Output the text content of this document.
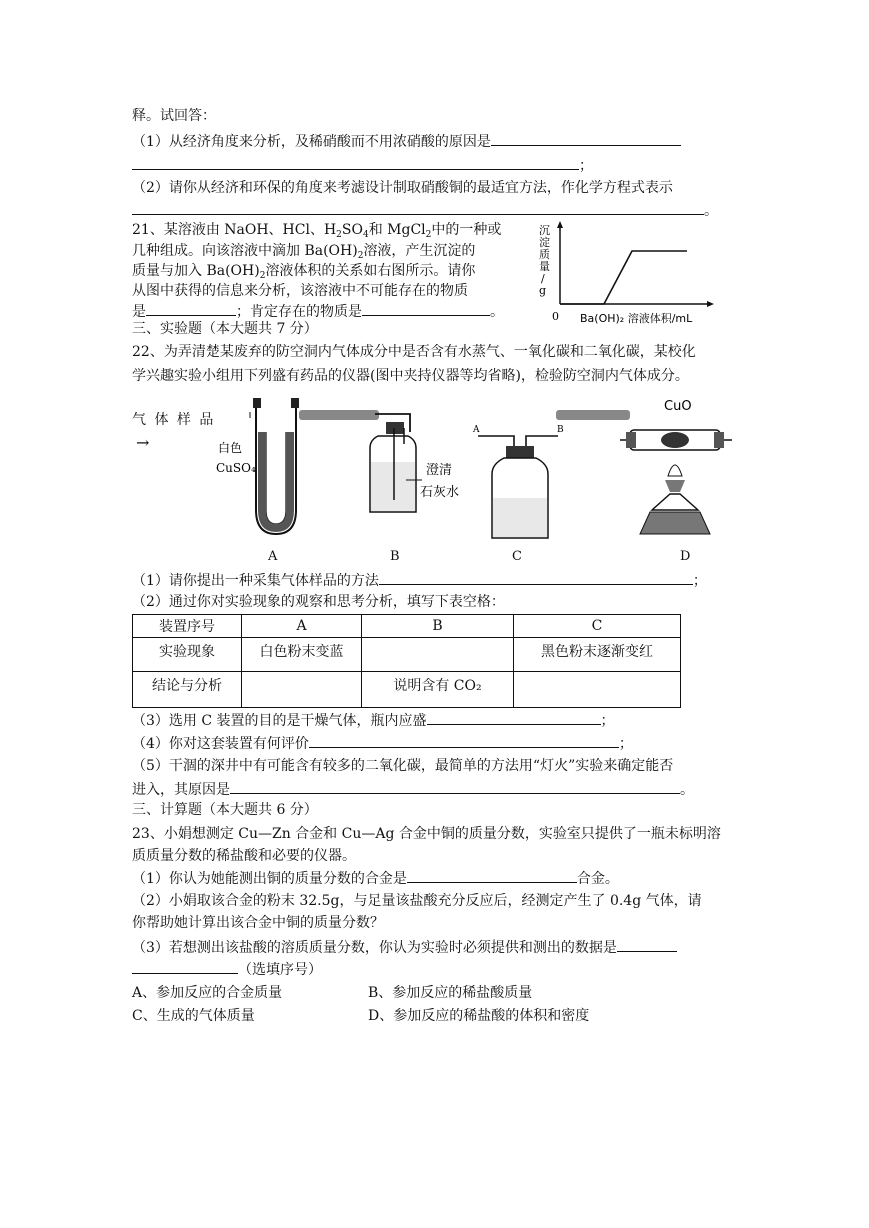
释。试回答：
（1）从经济角度来分析，及稀硝酸而不用浓硝酸的原因是
；
（2）请你从经济和环保的角度来考滤设计制取硝酸铜的最适宜方法，作化学方程式表示
。
21、某溶液由 NaOH、HCl、$H_2SO_4$和 MgCl$_2$中的一种或
几种组成。向该溶液中滴加 $Ba(OH)_2$溶液，产生沉淀的
质量与加入 $Ba(OH)_2$溶液体积的关系如右图所示。请你
从图中获得的信息来分析，该溶液中不可能存在的物质
是	；肯定存在的物质是	。
沉
淀
质
量
/
g
0 Ba(OH)₂ 溶液体积/mL
三、实验题（本大题共 7 分）
22、为弄清楚某废弃的防空洞内气体成分中是否含有水蒸气、一氧化碳和二氧化碳，某校化
学兴趣实验小组用下列盛有药品的仪器(图中夹持仪器等均省略)，检验防空洞内气体成分。
气 体 样 品
→	白色
CuSO₄	澄清
石灰水
A	B
CuO
A	B	C	D
（1）请你提出一种采集气体样品的方法	；
（2）通过你对实验现象的观察和思考分析，填写下表空格：
装置序号	A	B	C
实验现象	白色粉末变蓝		黑色粉末逐渐变红
结论与分析		说明含有 CO₂	
（3）选用 C 装置的目的是干燥气体，瓶内应盛	；
（4）你对这套装置有何评价	；
（5）干涸的深井中有可能含有较多的二氧化碳，最简单的方法用“灯火”实验来确定能否
进入，其原因是	。
三、计算题（本大题共 6 分）
23、小娟想测定 Cu—Zn 合金和 Cu—Ag 合金中铜的质量分数，实验室只提供了一瓶未标明溶
质质量分数的稀盐酸和必要的仪器。
（1）你认为她能测出铜的质量分数的合金是	合金。
（2）小娟取该合金的粉末 32.5g，与足量该盐酸充分反应后，经测定产生了 0.4g 气体，请
你帮助她计算出该合金中铜的质量分数？
（3）若想测出该盐酸的溶质质量分数，你认为实验时必须提供和测出的数据是
（选填序号）
A、参加反应的合金质量	B、参加反应的稀盐酸质量
C、生成的气体质量	D、参加反应的稀盐酸的体积和密度
